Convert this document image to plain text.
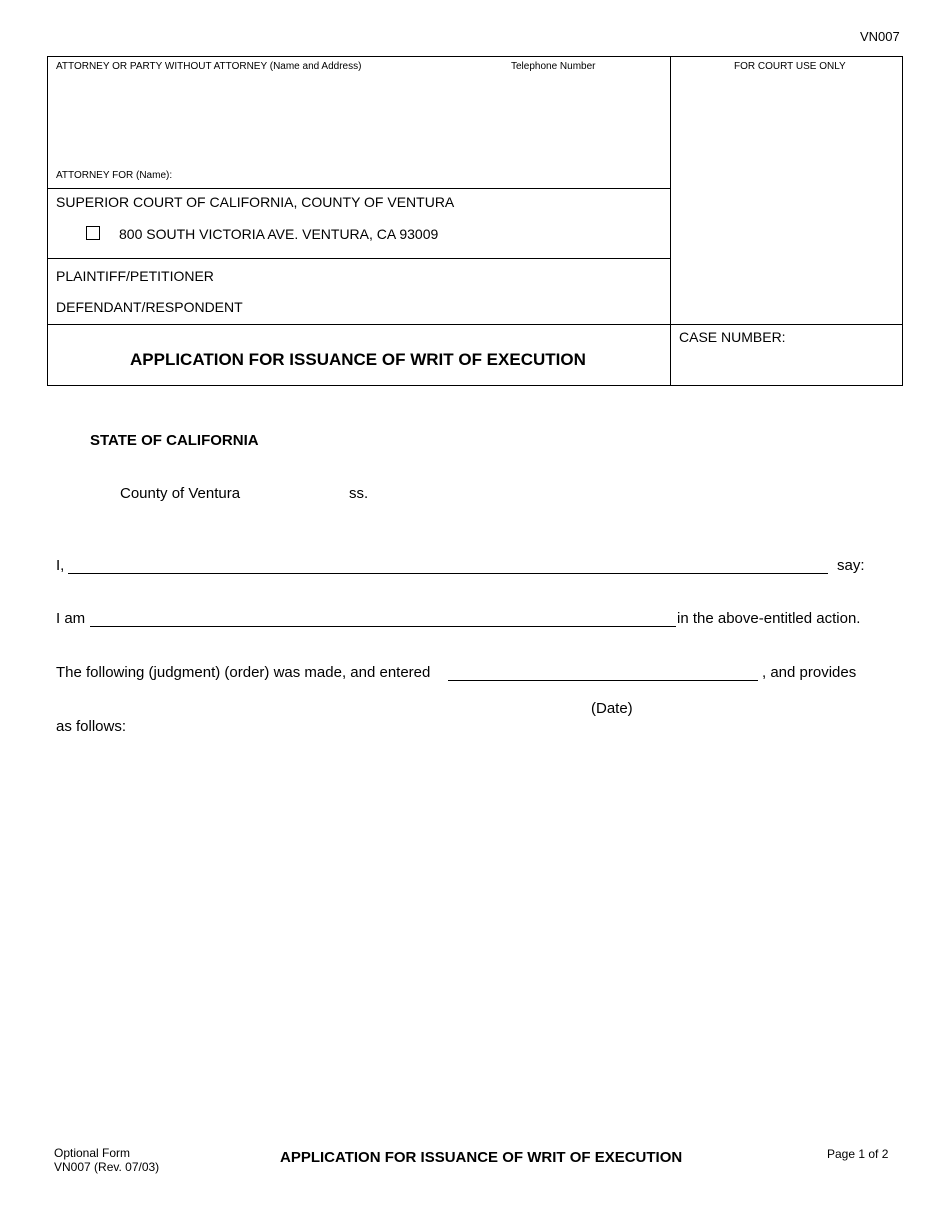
VN007
ATTORNEY OR PARTY WITHOUT ATTORNEY (Name and Address)	Telephone Number	FOR COURT USE ONLY
ATTORNEY FOR (Name):
SUPERIOR COURT OF CALIFORNIA, COUNTY OF VENTURA
800 SOUTH VICTORIA AVE. VENTURA, CA 93009
PLAINTIFF/PETITIONER
DEFENDANT/RESPONDENT
APPLICATION FOR ISSUANCE OF WRIT OF EXECUTION
CASE NUMBER:
STATE OF CALIFORNIA
County of Ventura	ss.
I,	say:
I am	in the above-entitled action.
The following (judgment) (order) was made, and entered	, and provides
(Date)
as follows:
Optional Form
VN007 (Rev. 07/03)
APPLICATION FOR ISSUANCE OF WRIT OF EXECUTION	Page 1 of 2
